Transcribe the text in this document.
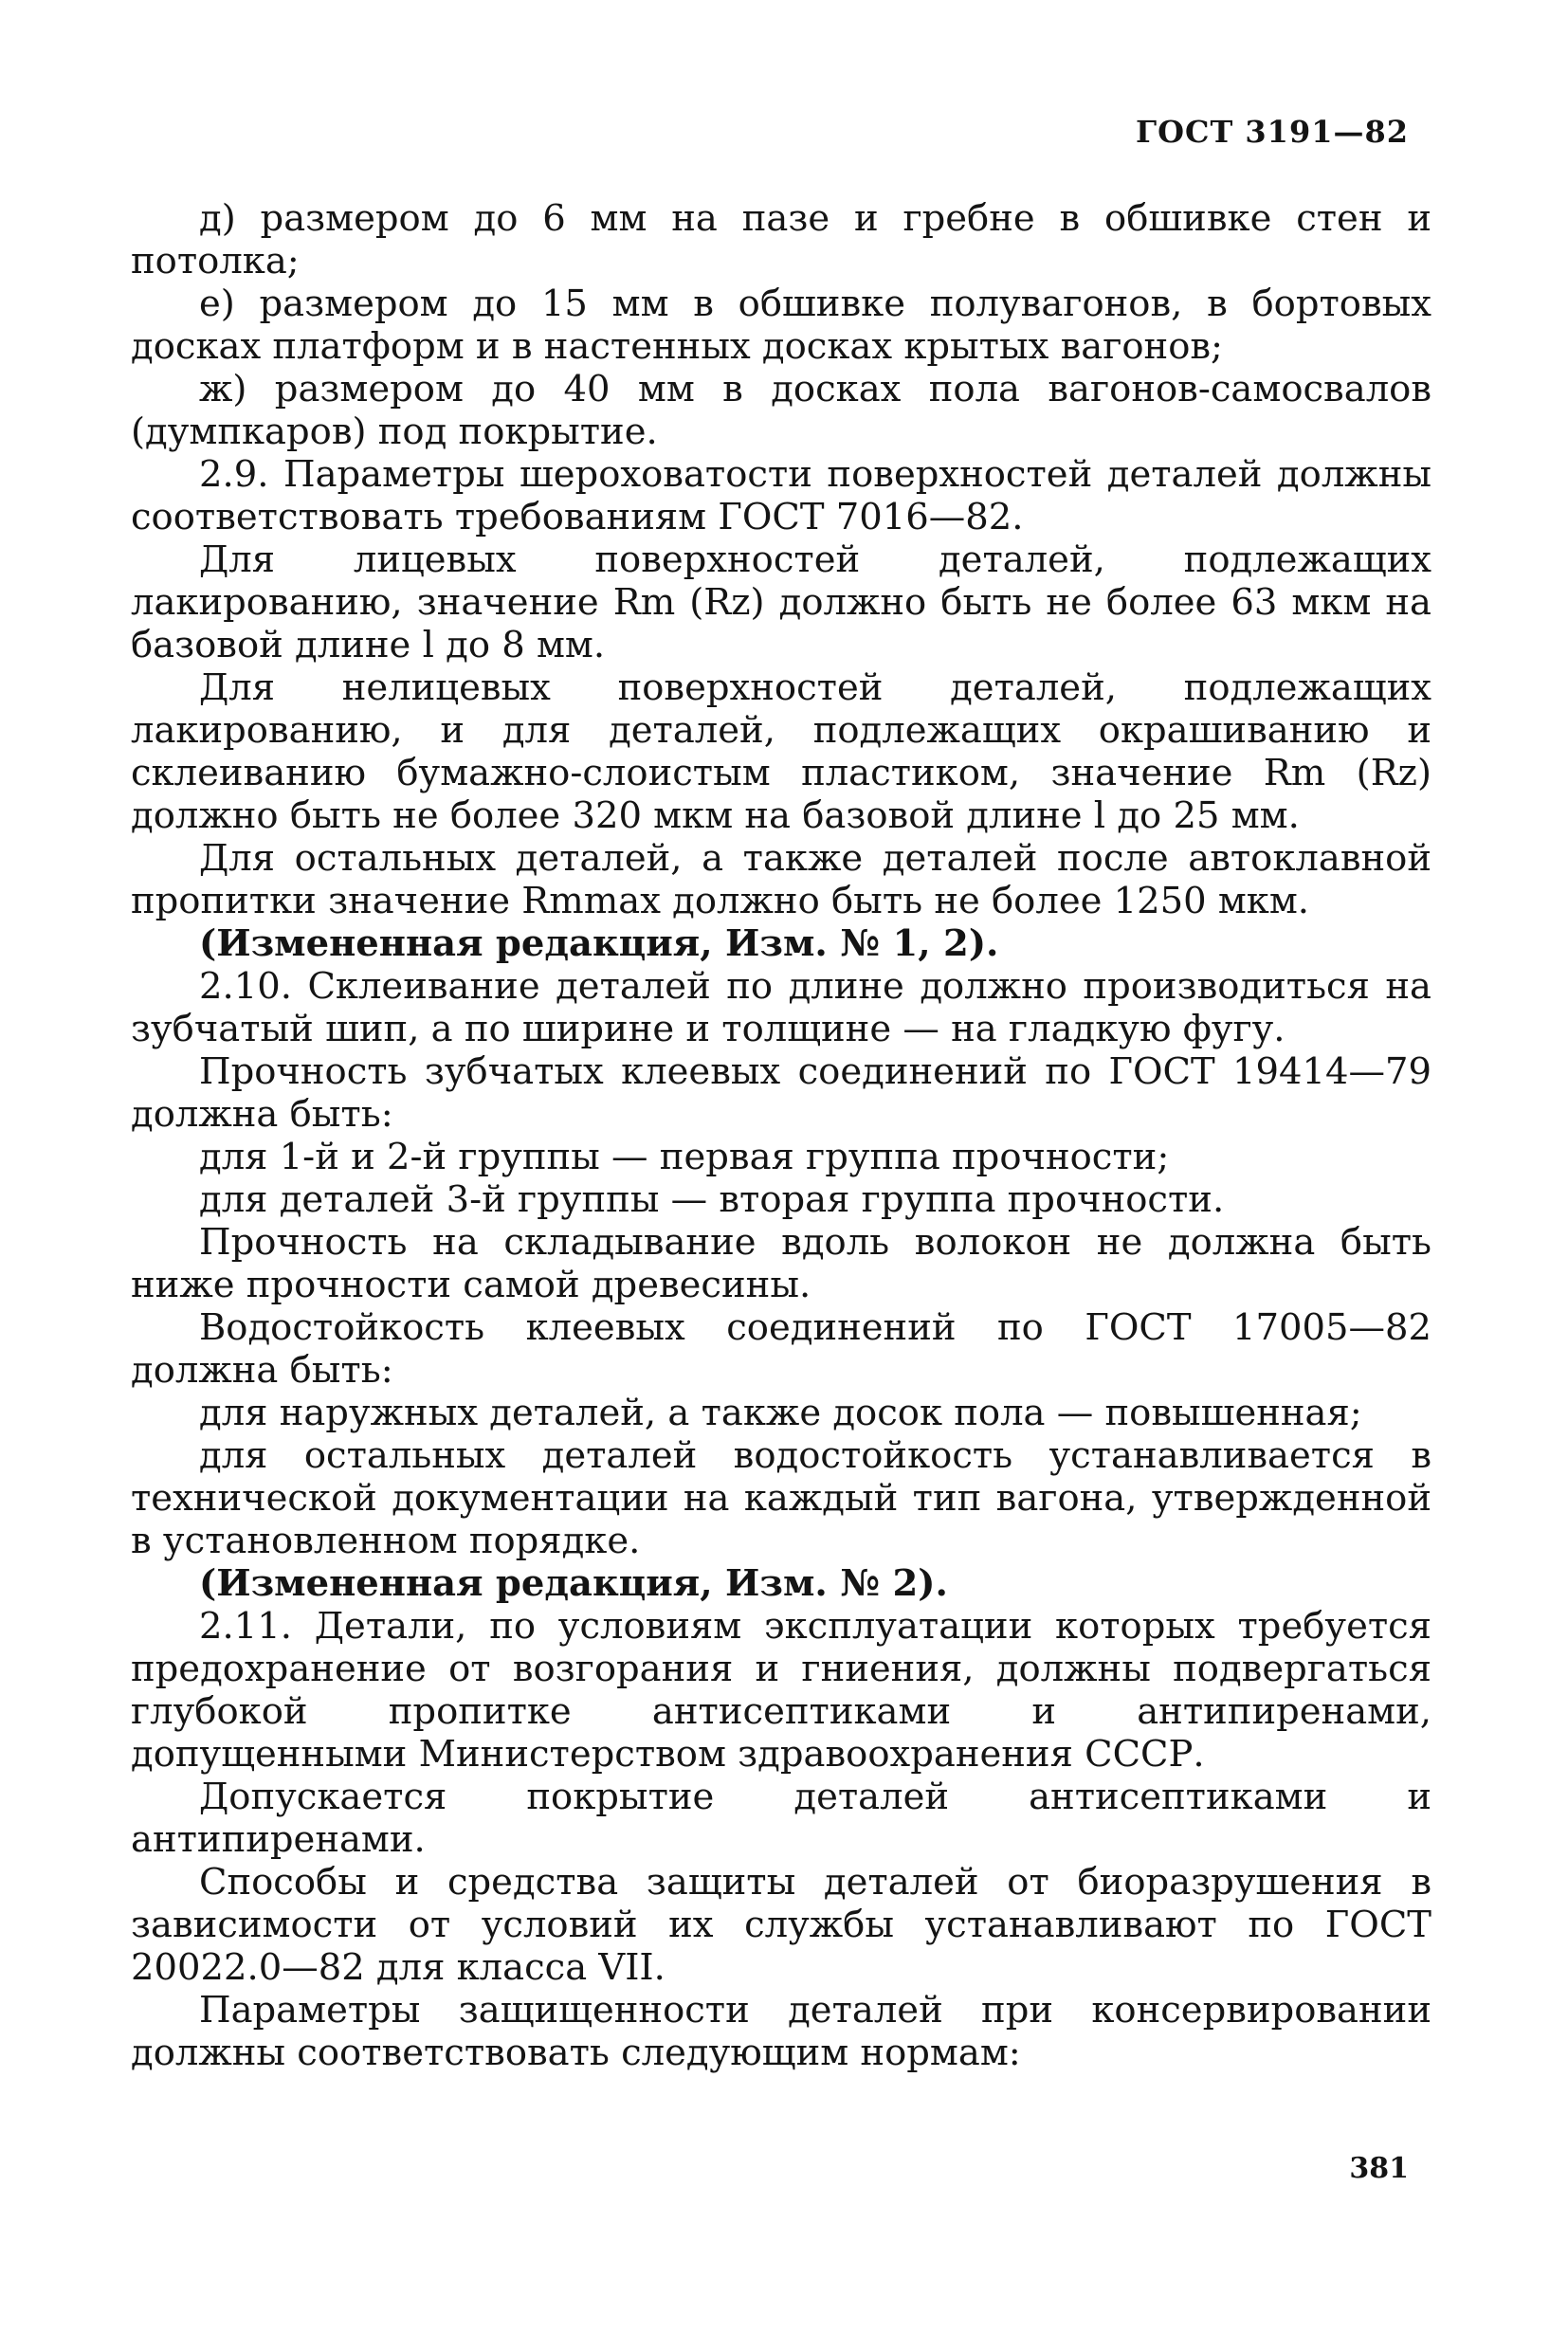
ГОСТ 3191—82

д) размером до 6 мм на пазе и гребне в обшивке стен и потолка;

е) размером до 15 мм в обшивке полувагонов, в бортовых досках платформ и в настенных досках крытых вагонов;

ж) размером до 40 мм в досках пола вагонов-самосвалов (думпкаров) под покрытие.

2.9. Параметры шероховатости поверхностей деталей должны соответствовать требованиям ГОСТ 7016—82.

Для лицевых поверхностей деталей, подлежащих лакированию, значение Rm (Rz) должно быть не более 63 мкм на базовой длине l до 8 мм.

Для нелицевых поверхностей деталей, подлежащих лакированию, и для деталей, подлежащих окрашиванию и склеиванию бумажно-слоистым пластиком, значение Rm (Rz) должно быть не более 320 мкм на базовой длине l до 25 мм.

Для остальных деталей, а также деталей после автоклавной пропитки значение Rmmax должно быть не более 1250 мкм.

(Измененная редакция, Изм. № 1, 2).

2.10. Склеивание деталей по длине должно производиться на зубчатый шип, а по ширине и толщине — на гладкую фугу.

Прочность зубчатых клеевых соединений по ГОСТ 19414—79 должна быть:

для 1-й и 2-й группы — первая группа прочности;

для деталей 3-й группы — вторая группа прочности.

Прочность на складывание вдоль волокон не должна быть ниже прочности самой древесины.

Водостойкость клеевых соединений по ГОСТ 17005—82 должна быть:

для наружных деталей, а также досок пола — повышенная;

для остальных деталей водостойкость устанавливается в технической документации на каждый тип вагона, утвержденной в установленном порядке.

(Измененная редакция, Изм. № 2).

2.11. Детали, по условиям эксплуатации которых требуется предохранение от возгорания и гниения, должны подвергаться глубокой пропитке антисептиками и антипиренами, допущенными Министерством здравоохранения СССР.

Допускается покрытие деталей антисептиками и антипиренами.

Способы и средства защиты деталей от биоразрушения в зависимости от условий их службы устанавливают по ГОСТ 20022.0—82 для класса VII.

Параметры защищенности деталей при консервировании должны соответствовать следующим нормам:

381
